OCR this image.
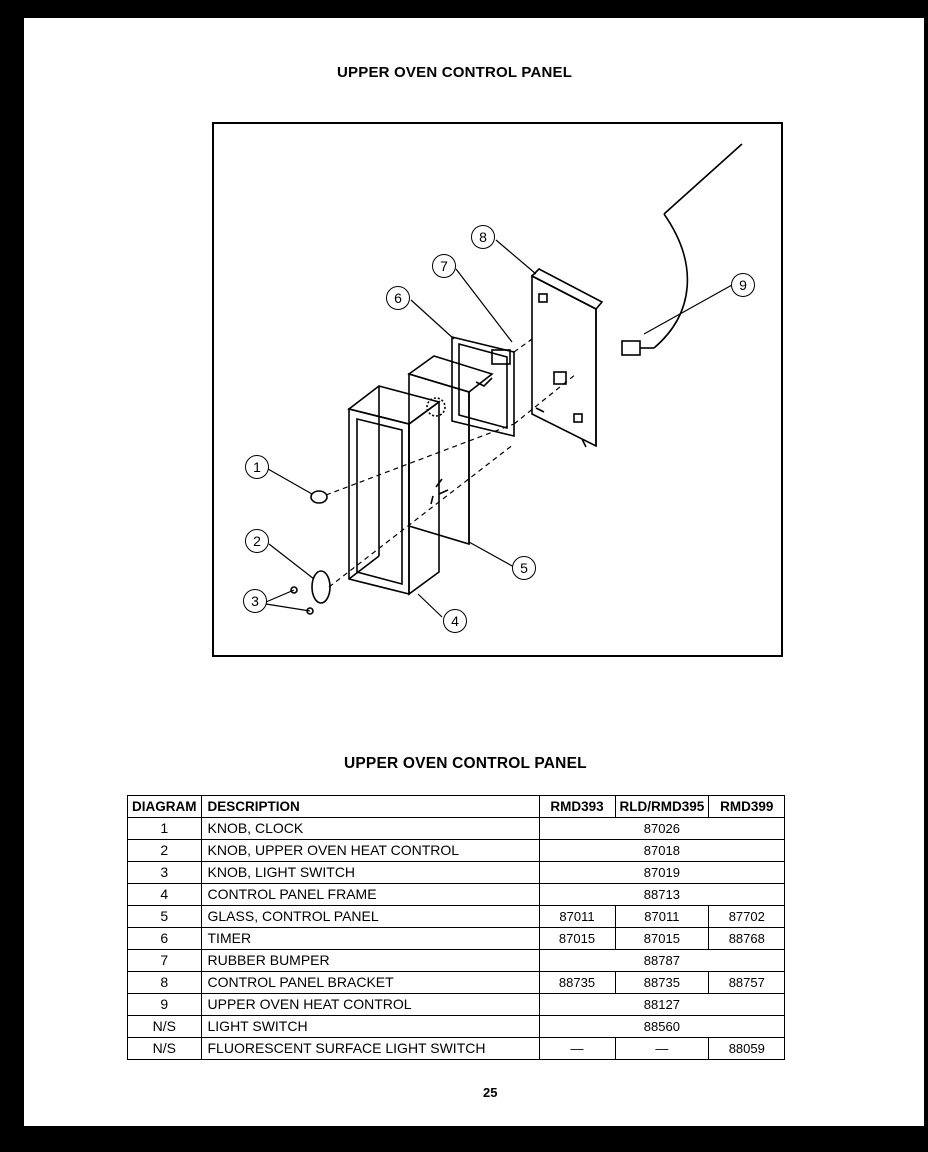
UPPER OVEN CONTROL PANEL
1
2
3
4
5
6
7
8
9
UPPER OVEN CONTROL PANEL
DIAGRAM	DESCRIPTION	RMD393	RLD/RMD395	RMD399
1	KNOB, CLOCK	87026		
2	KNOB, UPPER OVEN HEAT CONTROL	87018		
3	KNOB, LIGHT SWITCH	87019		
4	CONTROL PANEL FRAME	88713		
5	GLASS, CONTROL PANEL	87011	87011	87702
6	TIMER	87015	87015	88768
7	RUBBER BUMPER	88787		
8	CONTROL PANEL BRACKET	88735	88735	88757
9	UPPER OVEN HEAT CONTROL	88127		
N/S	LIGHT SWITCH	88560		
N/S	FLUORESCENT SURFACE LIGHT SWITCH	—	—	88059
25
